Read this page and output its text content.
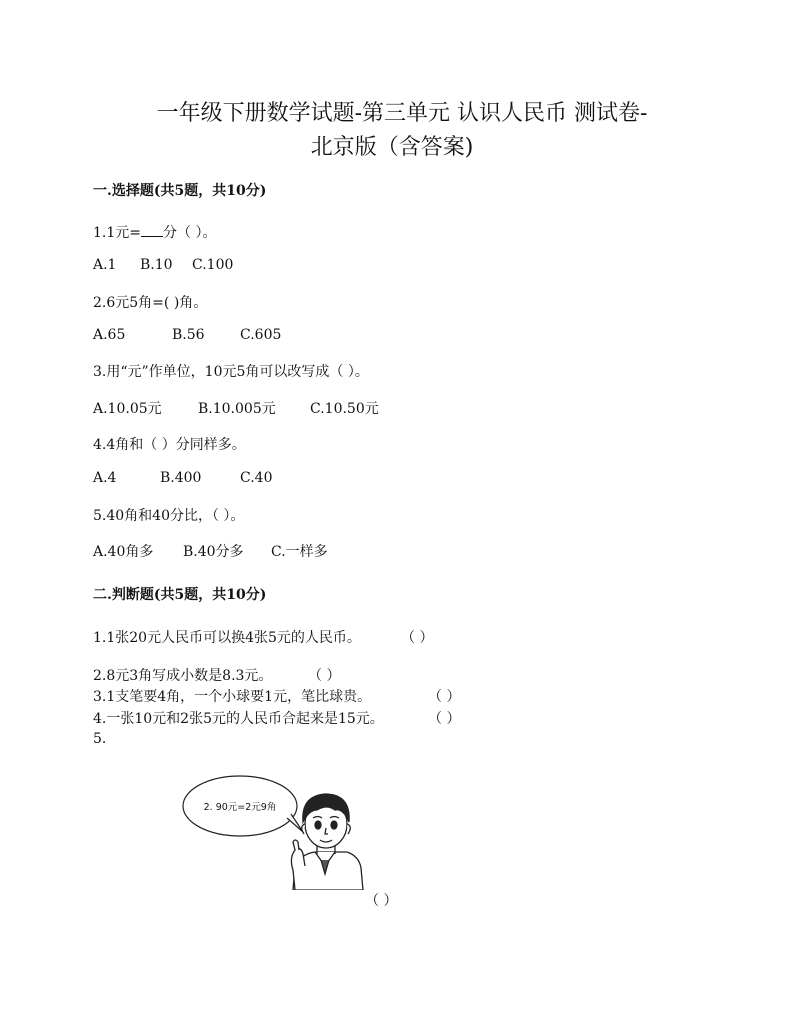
一年级下册数学试题-第三单元 认识人民币 测试卷-
北京版（含答案)
一.选择题(共5题，共10分)
1.1元= 分（ ）。
A.1 B.10 C.100
2.6元5角=( )角。
A.65	B.56	C.605
3.用“元”作单位，10元5角可以改写成（ ）。
A.10.05元	B.10.005元 C.10.50元
4.4角和（ ）分同样多。
A.4	B.400	C.40
5.40角和40分比，（ ）。
A.40角多 B.40分多 C.一样多
二.判断题(共5题，共10分)
1.1张20元人民币可以换4张5元的人民币。	（ ）
2.8元3角写成小数是8.3元。	（ ）
3.1支笔要4角，一个小球要1元，笔比球贵。	（ ）
4.一张10元和2张5元的人民币合起来是15元。	（ ）
5.
2. 90元=2元9角
（ ）
